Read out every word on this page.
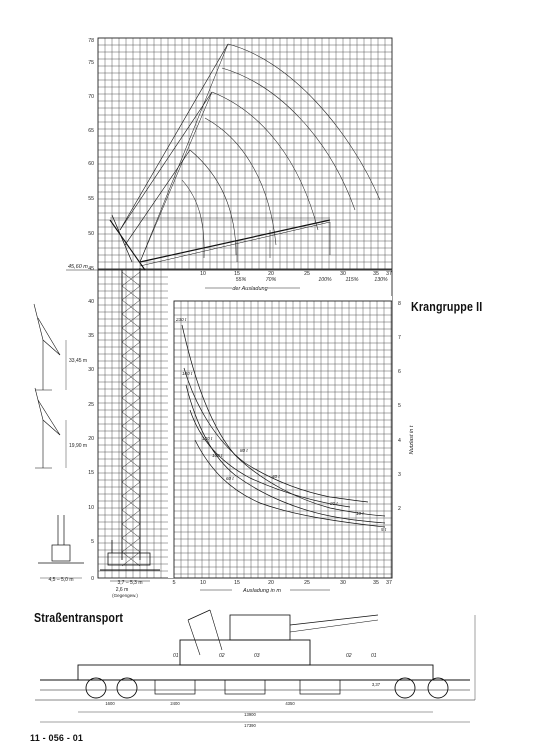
78
75
70
65
60
55
50
45
10	15	20	25	30	35 37
55%	70%	100%	115%	130%
der Ausladung
45,60 m
40
35
30
25
20
15
10
5
0
10	15	20	25	30	35 37
5
Ausladung in m
8
7
6
5
4
3
2
Nutzlast in t
230 t
180 t
120 t
100 t
80 t
60 t	40 t
20 t
10 t
5 t
3,7 – 5,3 m
2,6 m
(Gegengew.)
33,45 m
19,90 m
4,5 – 5,0 m
01	02	03	02	01
17390
13900
1600	2400	4350
3,37
Krangruppe II
Straßentransport
11 - 056 - 01
